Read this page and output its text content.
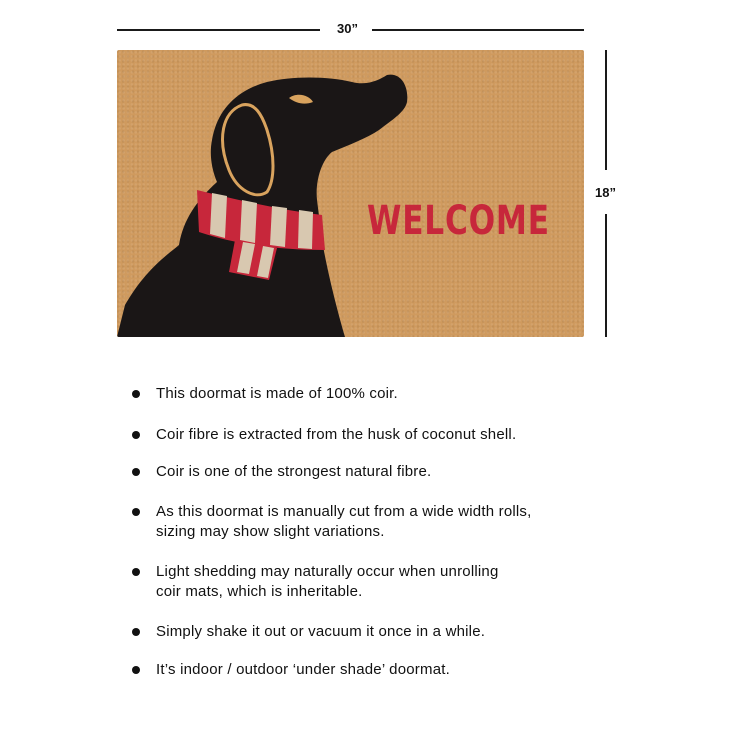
30”
18”
WELCOME
This doormat is made of 100% coir.
Coir fibre is extracted from the husk of coconut shell.
Coir is one of the strongest natural fibre.
As this doormat is manually cut from a wide width rolls,
sizing may show slight variations.
Light shedding may naturally occur when unrolling
coir mats, which is inheritable.
Simply shake it out or vacuum it once in a while.
It’s indoor / outdoor ‘under shade’ doormat.
